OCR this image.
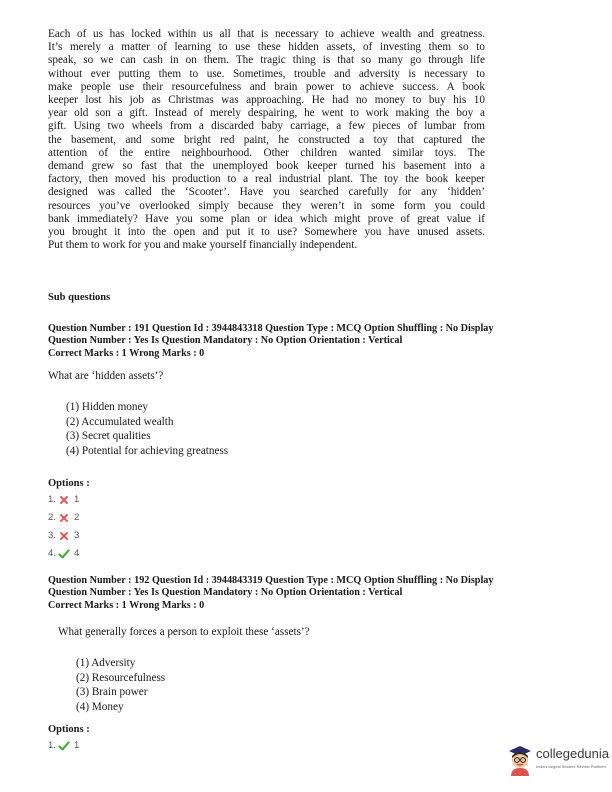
Each of us has locked within us all that is necessary to achieve wealth and greatness.
It’s merely a matter of learning to use these hidden assets, of investing them so to
speak, so we can cash in on them. The tragic thing is that so many go through life
without ever putting them to use. Sometimes, trouble and adversity is necessary to
make people use their resourcefulness and brain power to achieve success. A book
keeper lost his job as Christmas was approaching. He had no money to buy his 10
year old son a gift. Instead of merely despairing, he went to work making the boy a
gift. Using two wheels from a discarded baby carriage, a few pieces of lumbar from
the basement, and some bright red paint, he constructed a toy that captured the
attention of the entire neighbourhood. Other children wanted similar toys. The
demand grew so fast that the unemployed book keeper turned his basement into a
factory, then moved his production to a real industrial plant. The toy the book keeper
designed was called the ‘Scooter’. Have you searched carefully for any ‘hidden’
resources you’ve overlooked simply because they weren’t in some form you could
bank immediately? Have you some plan or idea which might prove of great value if
you brought it into the open and put it to use? Somewhere you have unused assets.
Put them to work for you and make yourself financially independent.
Sub questions
Question Number : 191 Question Id : 3944843318 Question Type : MCQ Option Shuffling : No Display
Question Number : Yes Is Question Mandatory : No Option Orientation : Vertical
Correct Marks : 1 Wrong Marks : 0
What are ‘hidden assets’?
(1) Hidden money
(2) Accumulated wealth
(3) Secret qualities
(4) Potential for achieving greatness
Options :
1. 1
2. 2
3. 3
4. 4
Question Number : 192 Question Id : 3944843319 Question Type : MCQ Option Shuffling : No Display
Question Number : Yes Is Question Mandatory : No Option Orientation : Vertical
Correct Marks : 1 Wrong Marks : 0
What generally forces a person to exploit these ‘assets’?
(1) Adversity
(2) Resourcefulness
(3) Brain power
(4) Money
Options :
1. 1
collegedunia
India's largest Student Review Platform
